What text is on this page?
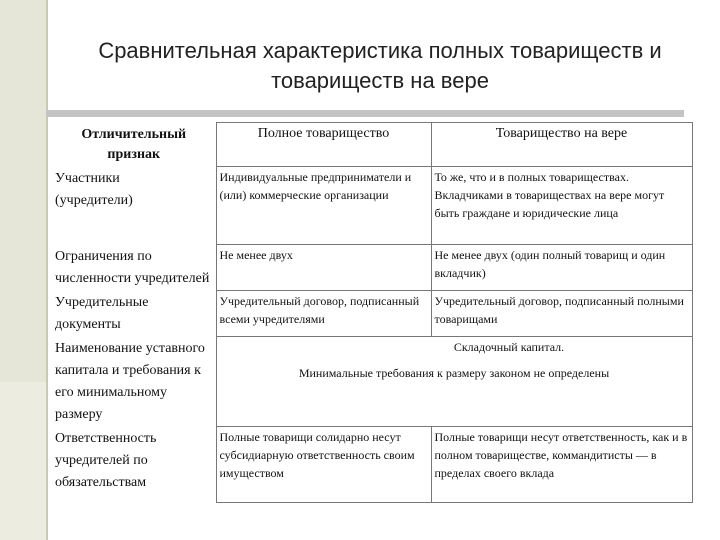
Сравнительная характеристика полных товариществ и
товариществ на вере
Отличительный признак	Полное товарищество	Товарищество на вере
Участники (учредители)	Индивидуальные предприниматели и (или) коммерческие организации	То же, что и в полных товариществах. Вкладчиками в товариществах на вере могут быть граждане и юридические лица
Ограничения по численности учредителей	Не менее двух	Не менее двух (один полный товарищ и один вкладчик)
Учредительные документы	Учредительный договор, подписанный всеми учредителями	Учредительный договор, подписанный полными товарищами
Наименование уставного капитала и требования к его минимальному размеру	Складочный капитал.
Минимальные требования к размеру законом не определены	

Ответственность учредителей по обязательствам	Полные товарищи солидарно несут субсидиарную ответственность своим имуществом	Полные товарищи несут ответственность, как и в полном товариществе, коммандитисты — в пределах своего вклада
